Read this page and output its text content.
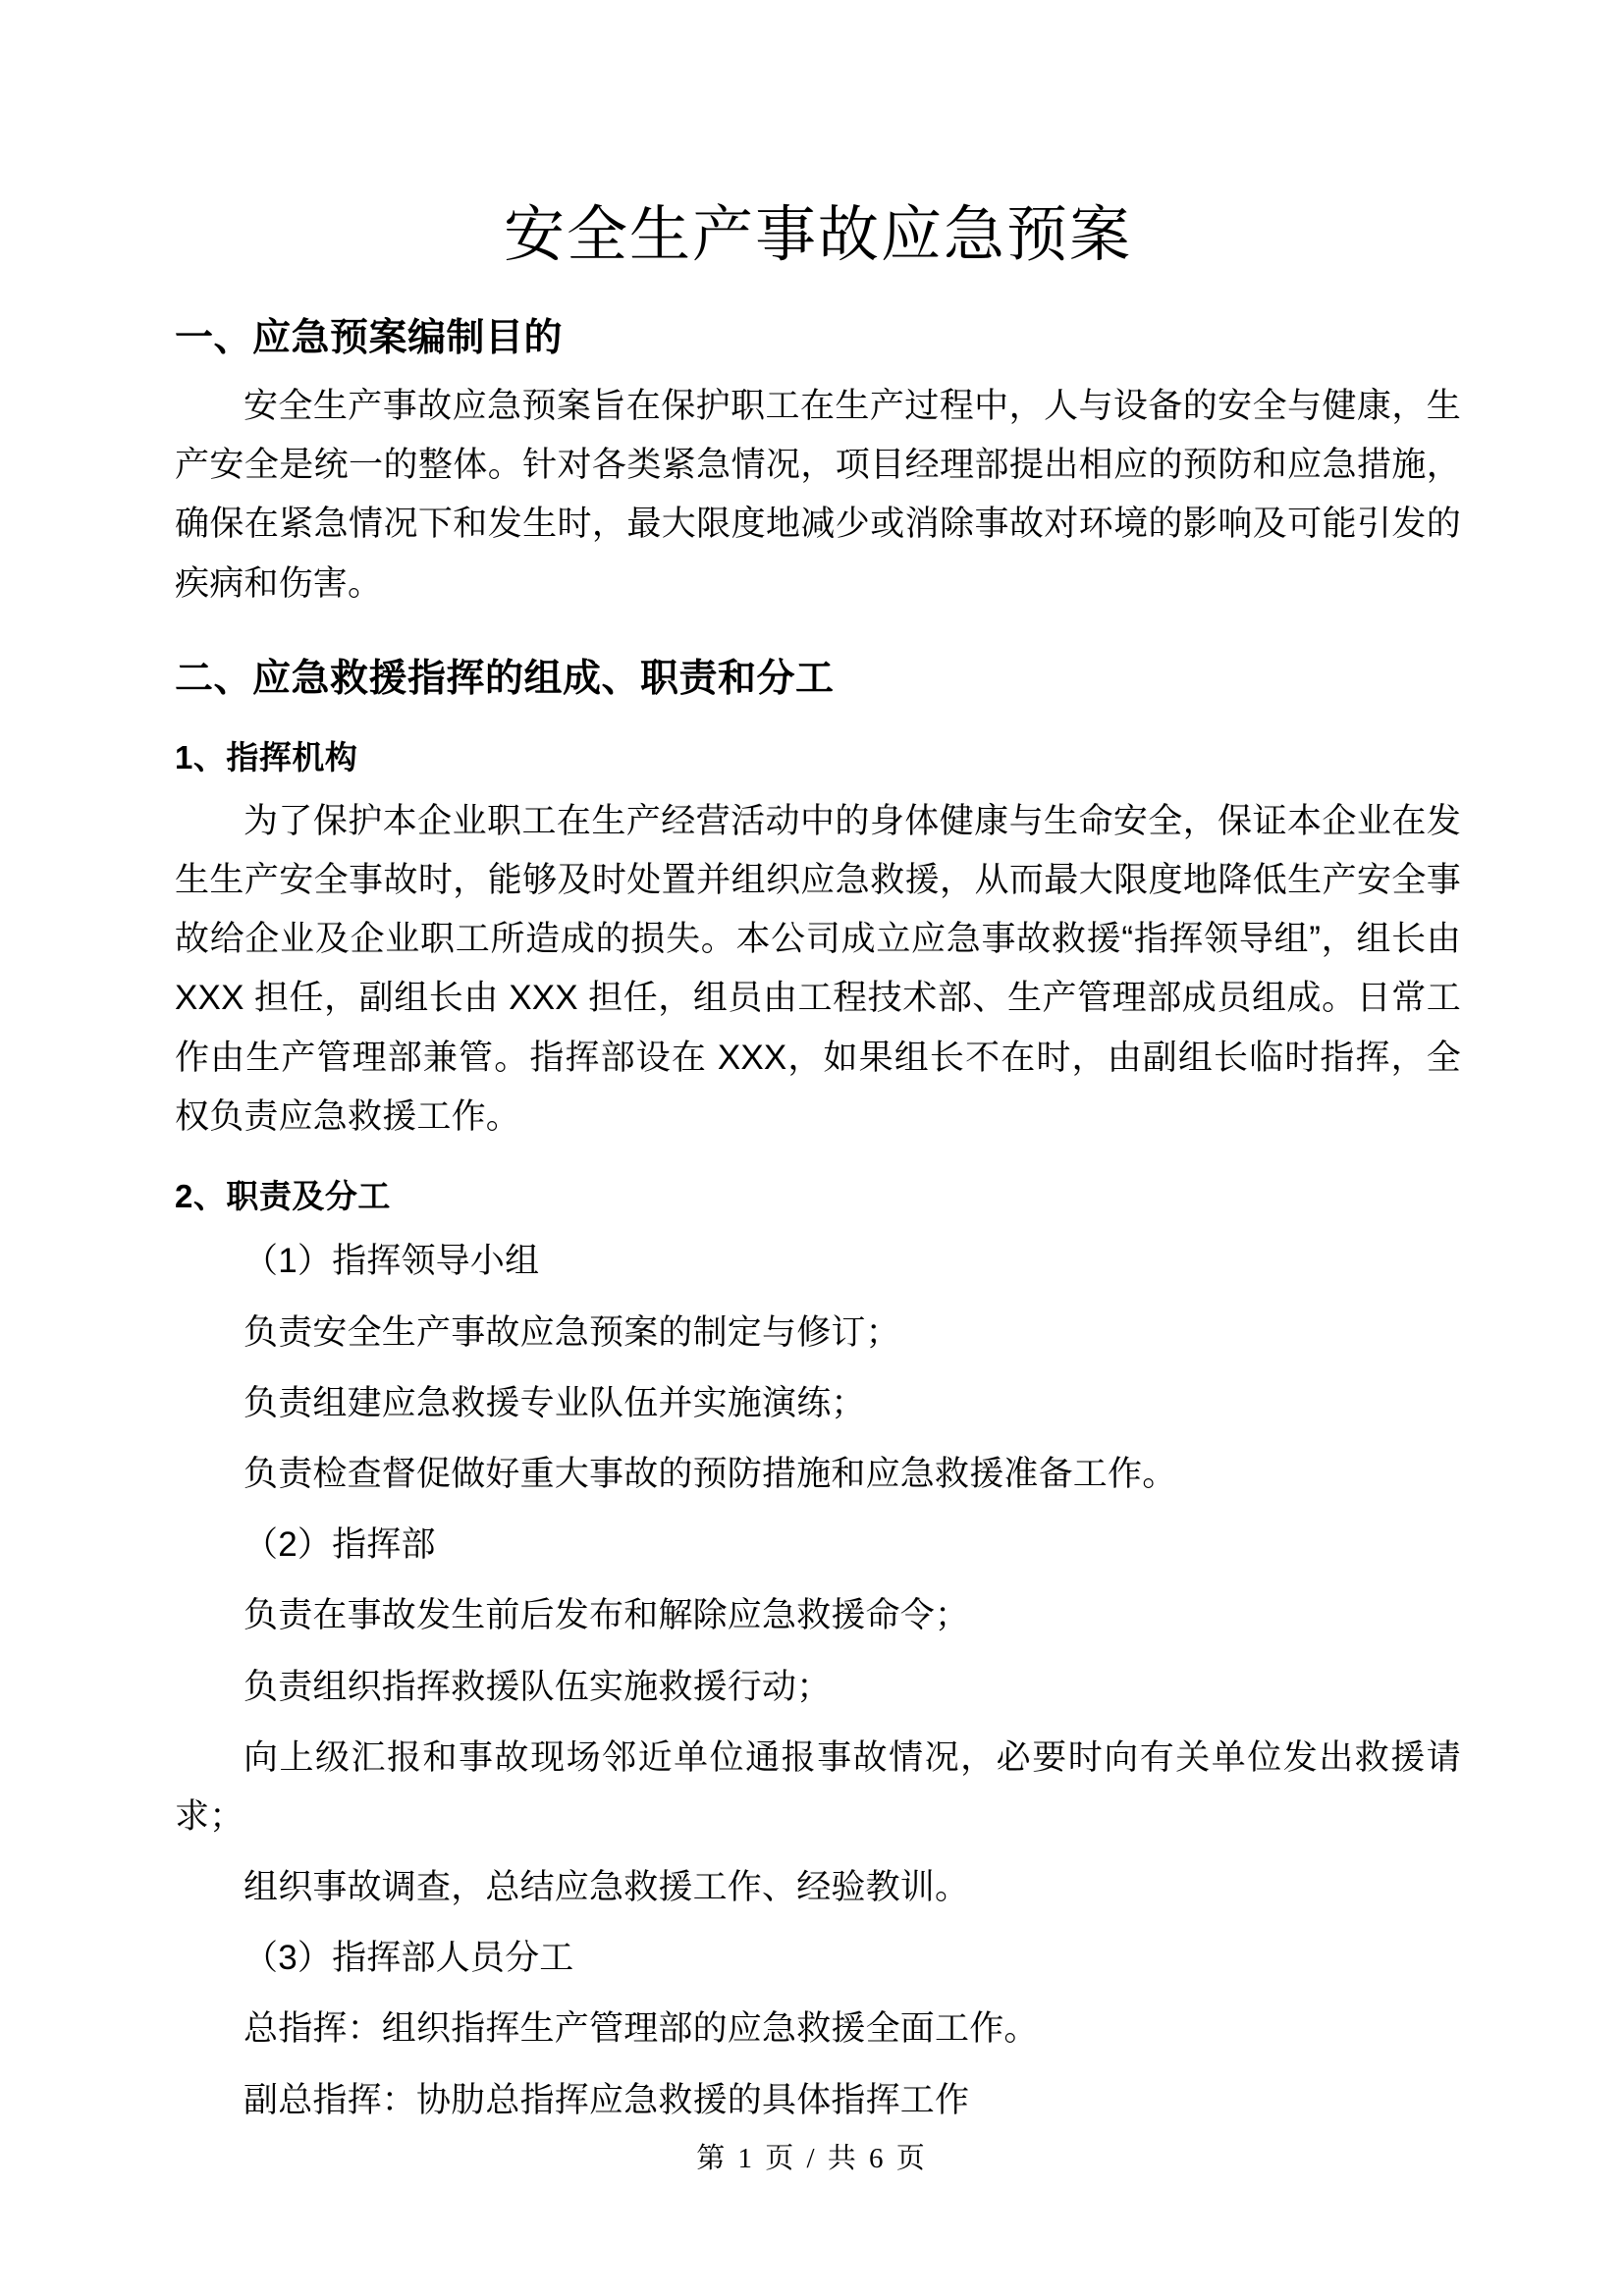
安全生产事故应急预案
一、应急预案编制目的

安全生产事故应急预案旨在保护职工在生产过程中，人与设备的安全与健康，生产安全是统一的整体。针对各类紧急情况，项目经理部提出相应的预防和应急措施，确保在紧急情况下和发生时，最大限度地减少或消除事故对环境的影响及可能引发的疾病和伤害。

二、应急救援指挥的组成、职责和分工
1、指挥机构

为了保护本企业职工在生产经营活动中的身体健康与生命安全，保证本企业在发生生产安全事故时，能够及时处置并组织应急救援，从而最大限度地降低生产安全事故给企业及企业职工所造成的损失。本公司成立应急事故救援“指挥领导组”，组长由 XXX 担任，副组长由 XXX 担任，组员由工程技术部、生产管理部成员组成。日常工作由生产管理部兼管。指挥部设在 XXX，如果组长不在时，由副组长临时指挥，全权负责应急救援工作。

2、职责及分工

（1）指挥领导小组

负责安全生产事故应急预案的制定与修订；

负责组建应急救援专业队伍并实施演练；

负责检查督促做好重大事故的预防措施和应急救援准备工作。

（2）指挥部

负责在事故发生前后发布和解除应急救援命令；

负责组织指挥救援队伍实施救援行动；

向上级汇报和事故现场邻近单位通报事故情况，必要时向有关单位发出救援请求；

组织事故调查，总结应急救援工作、经验教训。

（3）指挥部人员分工

总指挥：组织指挥生产管理部的应急救援全面工作。

副总指挥：协肋总指挥应急救援的具体指挥工作

第 1 页 / 共 6 页
